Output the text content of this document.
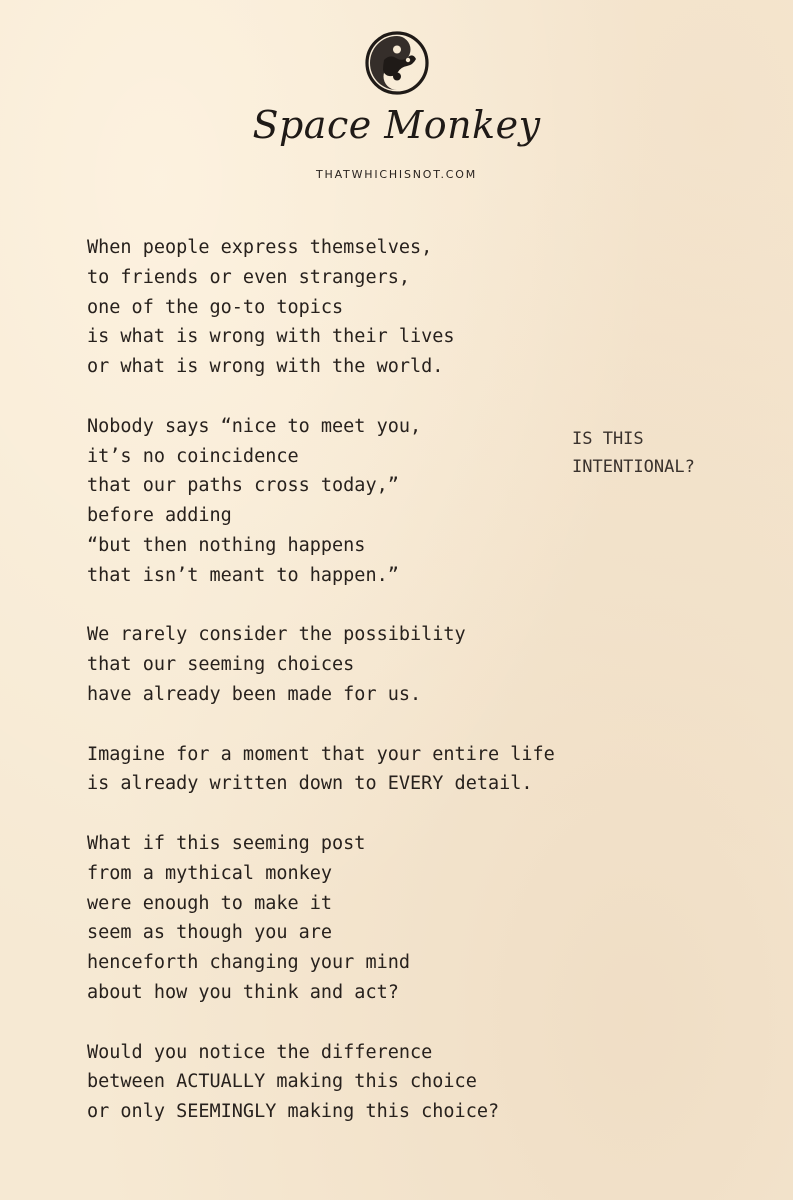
Space Monkey
THATWHICHISNOT.COM
When people express themselves,
to friends or even strangers,
one of the go-to topics
is what is wrong with their lives
or what is wrong with the world.
Nobody says “nice to meet you,
it’s no coincidence
that our paths cross today,”
before adding
“but then nothing happens
that isn’t meant to happen.”
We rarely consider the possibility
that our seeming choices
have already been made for us.
Imagine for a moment that your entire life
is already written down to EVERY detail.
What if this seeming post
from a mythical monkey
were enough to make it
seem as though you are
henceforth changing your mind
about how you think and act?
Would you notice the difference
between ACTUALLY making this choice
or only SEEMINGLY making this choice?
IS THIS
INTENTIONAL?
